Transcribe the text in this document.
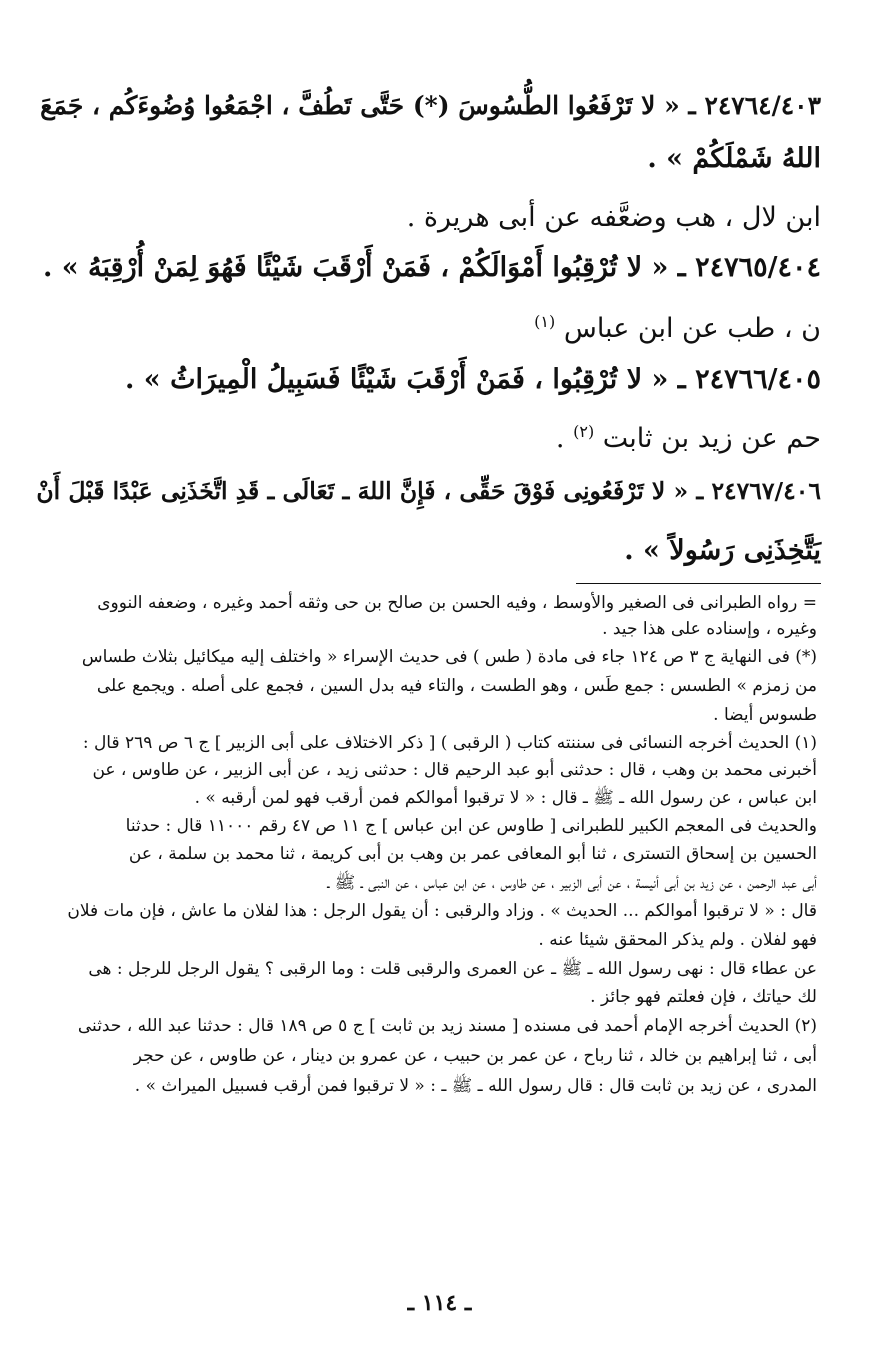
٢٤٧٦٤/٤٠٣ ـ « لا تَرْفَعُوا الطُّسُوسَ (*) حَتَّى تَطُفَّ ، اجْمَعُوا وُضُوءَكُم ، جَمَعَ

اللهُ شَمْلَكُمْ » .

ابن لال ، هب وضعَّفه عن أبى هريرة .

٢٤٧٦٥/٤٠٤ ـ « لا تُرْقِبُوا أَمْوَالَكُمْ ، فَمَنْ أَرْقَبَ شَيْئًا فَهُوَ لِمَنْ أُرْقِبَهُ » .

ن ، طب عن ابن عباس $^{(١)}$

٢٤٧٦٦/٤٠٥ ـ « لا تُرْقِبُوا ، فَمَنْ أَرْقَبَ شَيْئًا فَسَبِيلُ الْمِيرَاثُ » .

حم عن زيد بن ثابت $^{(٢)}$ .

٢٤٧٦٧/٤٠٦ ـ « لا تَرْفَعُونِى فَوْقَ حَقِّى ، فَإِنَّ اللهَ ـ تَعَالَى ـ قَدِ اتَّخَذَنِى عَبْدًا قَبْلَ أَنْ

يَتَّخِذَنِى رَسُولاً » .

= رواه الطبرانى فى الصغير والأوسط ، وفيه الحسن بن صالح بن حى وثقه أحمد وغيره ، وضعفه النووى

وغيره ، وإسناده على هذا جيد .

(*) فى النهاية ج ٣ ص ١٢٤ جاء فى مادة ( طس ) فى حديث الإسراء « واختلف إليه ميكائيل بثلاث طساس

من زمزم » الطسس : جمع طَس ، وهو الطست ، والتاء فيه بدل السين ، فجمع على أصله . ويجمع على

طسوس أيضا .

(١) الحديث أخرجه النسائى فى سننته كتاب ( الرقبى ) [ ذكر الاختلاف على أبى الزبير ] ج ٦ ص ٢٦٩ قال :

أخبرنى محمد بن وهب ، قال : حدثنى أبو عبد الرحيم قال : حدثنى زيد ، عن أبى الزبير ، عن طاوس ، عن

ابن عباس ، عن رسول الله ـ ﷺ ـ قال : « لا ترقبوا أموالكم فمن أرقب فهو لمن أرقبه » .

والحديث فى المعجم الكبير للطبرانى [ طاوس عن ابن عباس ] ج ١١ ص ٤٧ رقم ١١٠٠٠ قال : حدثنا

الحسين بن إسحاق التسترى ، ثنا أبو المعافى عمر بن وهب بن أبى كريمة ، ثنا محمد بن سلمة ، عن

أبى عبد الرحمن ، عن زيد بن أبى أنيسة ، عن أبى الزبير ، عن طاوس ، عن ابن عباس ، عن النبى ـ ﷺ ـ

قال : « لا ترقبوا أموالكم ... الحديث » . وزاد والرقبى : أن يقول الرجل : هذا لفلان ما عاش ، فإن مات فلان

فهو لفلان . ولم يذكر المحقق شيئا عنه .

عن عطاء قال : نهى رسول الله ـ ﷺ ـ عن العمرى والرقبى قلت : وما الرقبى ؟ يقول الرجل للرجل : هى

لك حياتك ، فإن فعلتم فهو جائز .

(٢) الحديث أخرجه الإمام أحمد فى مسنده [ مسند زيد بن ثابت ] ج ٥ ص ١٨٩ قال : حدثنا عبد الله ، حدثنى

أبى ، ثنا إبراهيم بن خالد ، ثنا رباح ، عن عمر بن حبيب ، عن عمرو بن دينار ، عن طاوس ، عن حجر

المدرى ، عن زيد بن ثابت قال : قال رسول الله ـ ﷺ ـ : « لا ترقبوا فمن أرقب فسبيل الميراث » .

ـ ١١٤ ـ
